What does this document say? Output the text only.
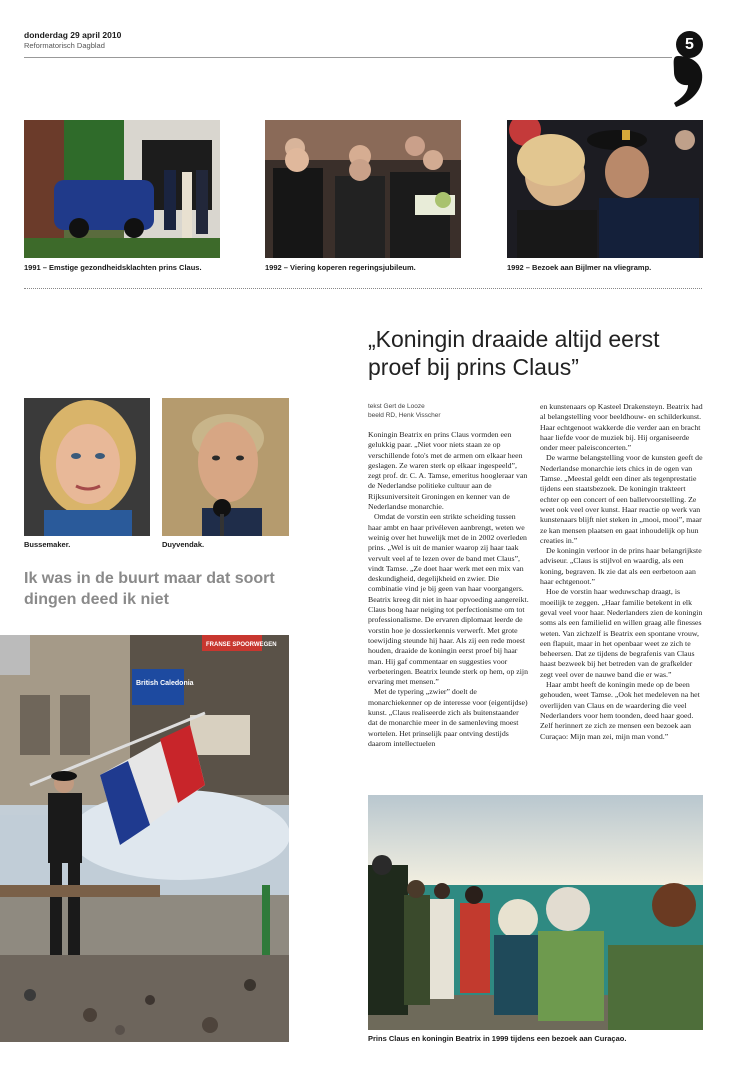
donderdag 29 april 2010
Reformatorisch Dagblad	5
1991 – Emstige gezondheidsklachten prins Claus.	1992 – Viering koperen regeringsjubileum.	1992 – Bezoek aan Bijlmer na vliegramp.
„Koningin draaide altijd eerst proef bij prins Claus”
Bussemaker.	Duyvendak.
Ik was in de buurt maar dat soort dingen deed ik niet
FRANSE SPOORWEGEN
British Caledonia
tekst Gert de Looze
beeld RD, Henk Visscher

Koningin Beatrix en prins Claus vormden een gelukkig paar. „Niet voor niets staan ze op verschillende foto's met de armen om elkaar heen geslagen. Ze waren sterk op elkaar ingespeeld”, zegt prof. dr. C. A. Tamse, emeritus hoogleraar van de Nederlandse politieke cultuur aan de Rijksuniversiteit Groningen en kenner van de Nederlandse monarchie.

Omdat de vorstin een strikte scheiding tussen haar ambt en haar privéleven aanbrengt, weten we weinig over het huwelijk met de in 2002 overleden prins. „Wel is uit de manier waarop zij haar taak vervult veel af te lezen over de band met Claus”, vindt Tamse. „Ze doet haar werk met een mix van deskundigheid, degelijkheid en zwier. Die combinatie vind je bij geen van haar voorgangers. Beatrix kreeg dit niet in haar opvoeding aangereikt. Claus boog haar neiging tot perfectionisme om tot professionalisme. De ervaren diplomaat leerde de vorstin hoe je dossierkennis verwerft. Met grote toewijding steunde hij haar. Als zij een rede moest houden, draaide de koningin eerst proef bij haar man. Hij gaf commentaar en suggesties voor verbeteringen. Beatrix leunde sterk op hem, op zijn ervaring met mensen.”

Met de typering „zwier” doelt de monarchiekenner op de interesse voor (eigentijdse) kunst. „Claus realiseerde zich als buitenstaander dat de monarchie meer in de samenleving moest wortelen. Het prinselijk paar ontving destijds daarom intellectuelen

en kunstenaars op Kasteel Drakensteyn. Beatrix had al belangstelling voor beeldhouw- en schilderkunst. Haar echtgenoot wakkerde die verder aan en bracht haar liefde voor de muziek bij. Hij organiseerde onder meer paleisconcerten.”

De warme belangstelling voor de kunsten geeft de Nederlandse monarchie iets chics in de ogen van Tamse. „Meestal geldt een diner als tegenprestatie tijdens een staatsbezoek. De koningin trakteert echter op een concert of een balletvoorstelling. Ze weet ook veel over kunst. Haar reactie op werk van kunstenaars blijft niet steken in „mooi, mooi”, maar ze kan mensen plaatsen en gaat inhoudelijk op hun creaties in.”

De koningin verloor in de prins haar belangrijkste adviseur. „Claus is stijlvol en waardig, als een koning, begraven. Ik zie dat als een eerbetoon aan haar echtgenoot.”

Hoe de vorstin haar weduwschap draagt, is moeilijk te zeggen. „Haar familie betekent in elk geval veel voor haar. Nederlanders zien de koningin soms als een familielid en willen graag alle finesses weten. Van zichzelf is Beatrix een spontane vrouw, een flapuit, maar in het openbaar weet ze zich te beheersen. Dat ze tijdens de begrafenis van Claus haast bezweek bij het betreden van de grafkelder zegt veel over de nauwe band die er was.”

Haar ambt heeft de koningin mede op de been gehouden, weet Tamse. „Ook het medeleven na het overlijden van Claus en de waardering die veel Nederlanders voor hem toonden, deed haar goed. Zelf herinnert ze zich ze mensen een bezoek aan Curaçao: Mijn man zei, mijn man vond.”

Prins Claus en koningin Beatrix in 1999 tijdens een bezoek aan Curaçao.
